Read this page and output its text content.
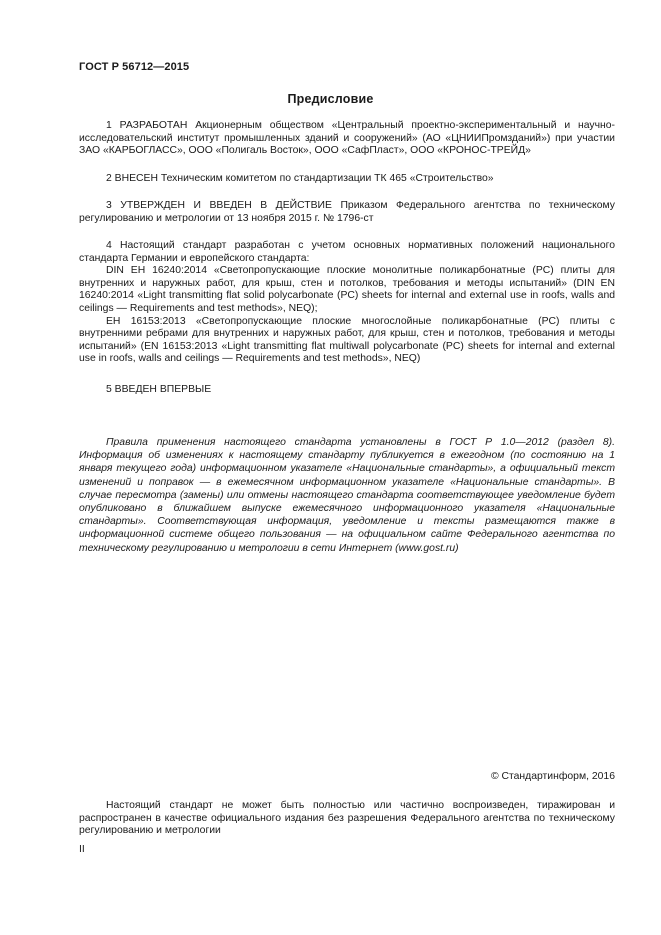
ГОСТ Р 56712—2015
Предисловие

1 РАЗРАБОТАН Акционерным обществом «Центральный проектно-экспериментальный и научно-исследовательский институт промышленных зданий и сооружений» (АО «ЦНИИПромзданий») при участии ЗАО «КАРБОГЛАСС», ООО «Полигаль Восток», ООО «СафПласт», ООО «КРОНОС-ТРЕЙД»

2 ВНЕСЕН Техническим комитетом по стандартизации ТК 465 «Строительство»

3 УТВЕРЖДЕН И ВВЕДЕН В ДЕЙСТВИЕ Приказом Федерального агентства по техническому регулированию и метрологии от 13 ноября 2015 г. № 1796-ст

4 Настоящий стандарт разработан с учетом основных нормативных положений национального стандарта Германии и европейского стандарта:

DIN ЕН 16240:2014 «Светопропускающие плоские монолитные поликарбонатные (PC) плиты для внутренних и наружных работ, для крыш, стен и потолков, требования и методы испытаний» (DIN EN 16240:2014 «Light transmitting flat solid polycarbonate (PC) sheets for internal and external use in roofs, walls and ceilings — Requirements and test methods», NEQ);

ЕН 16153:2013 «Светопропускающие плоские многослойные поликарбонатные (PC) плиты с внутренними ребрами для внутренних и наружных работ, для крыш, стен и потолков, требования и методы испытаний» (EN 16153:2013 «Light transmitting flat multiwall polycarbonate (PC) sheets for internal and external use in roofs, walls and ceilings — Requirements and test methods», NEQ)

5 ВВЕДЕН ВПЕРВЫЕ

Правила применения настоящего стандарта установлены в ГОСТ Р 1.0—2012 (раздел 8). Информация об изменениях к настоящему стандарту публикуется в ежегодном (по состоянию на 1 января текущего года) информационном указателе «Национальные стандарты», а официальный текст изменений и поправок — в ежемесячном информационном указателе «Национальные стандарты». В случае пересмотра (замены) или отмены настоящего стандарта соответствующее уведомление будет опубликовано в ближайшем выпуске ежемесячного информационного указателя «Национальные стандарты». Соответствующая информация, уведомление и тексты размещаются также в информационной системе общего пользования — на официальном сайте Федерального агентства по техническому регулированию и метрологии в сети Интернет (www.gost.ru)

© Стандартинформ, 2016

Настоящий стандарт не может быть полностью или частично воспроизведен, тиражирован и распространен в качестве официального издания без разрешения Федерального агентства по техническому регулированию и метрологии

II
